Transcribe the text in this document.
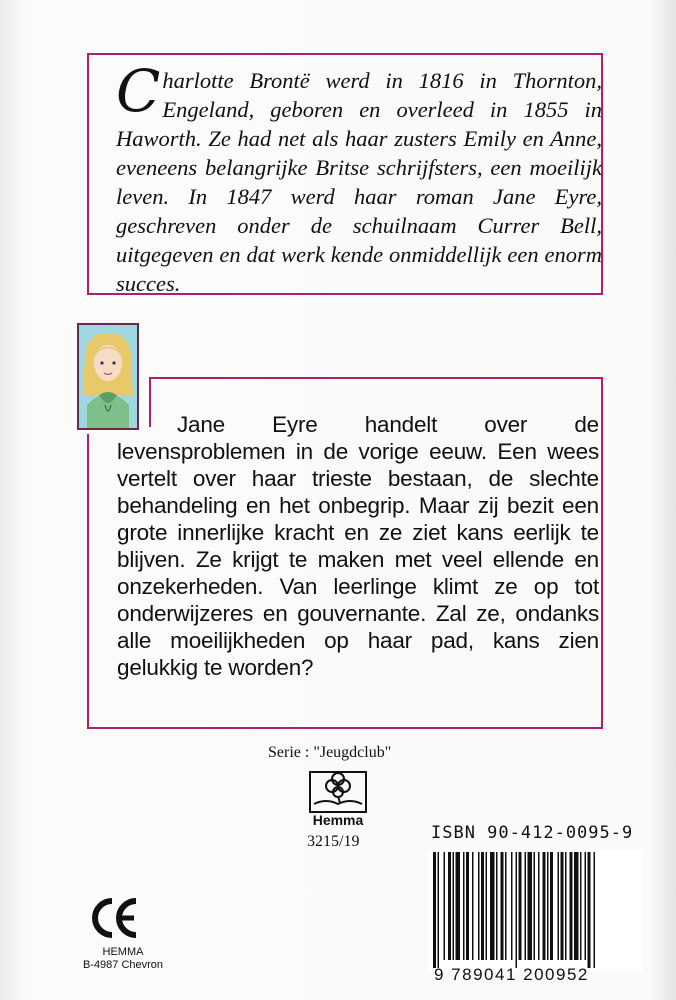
Charlotte Brontë werd in 1816 in Thornton, Engeland, geboren en overleed in 1855 in Haworth. Ze had net als haar zusters Emily en Anne, eveneens belangrijke Britse schrijfsters, een moeilijk leven. In 1847 werd haar roman Jane Eyre, geschreven onder de schuilnaam Currer Bell, uitgegeven en dat werk kende onmiddellijk een enorm succes.

Jane Eyre handelt over de levensproblemen in de vorige eeuw. Een wees vertelt over haar trieste bestaan, de slechte behandeling en het onbegrip. Maar zij bezit een grote innerlijke kracht en ze ziet kans eerlijk te blijven. Ze krijgt te maken met veel ellende en onzekerheden. Van leerlinge klimt ze op tot onderwijzeres en gouvernante. Zal ze, ondanks alle moeilijkheden op haar pad, kans zien gelukkig te worden?

Serie : "Jeugdclub"
Hemma
3215/19	ISBN 90-412-0095-9
9 789041 200952
HEMMA
B-4987 Chevron
